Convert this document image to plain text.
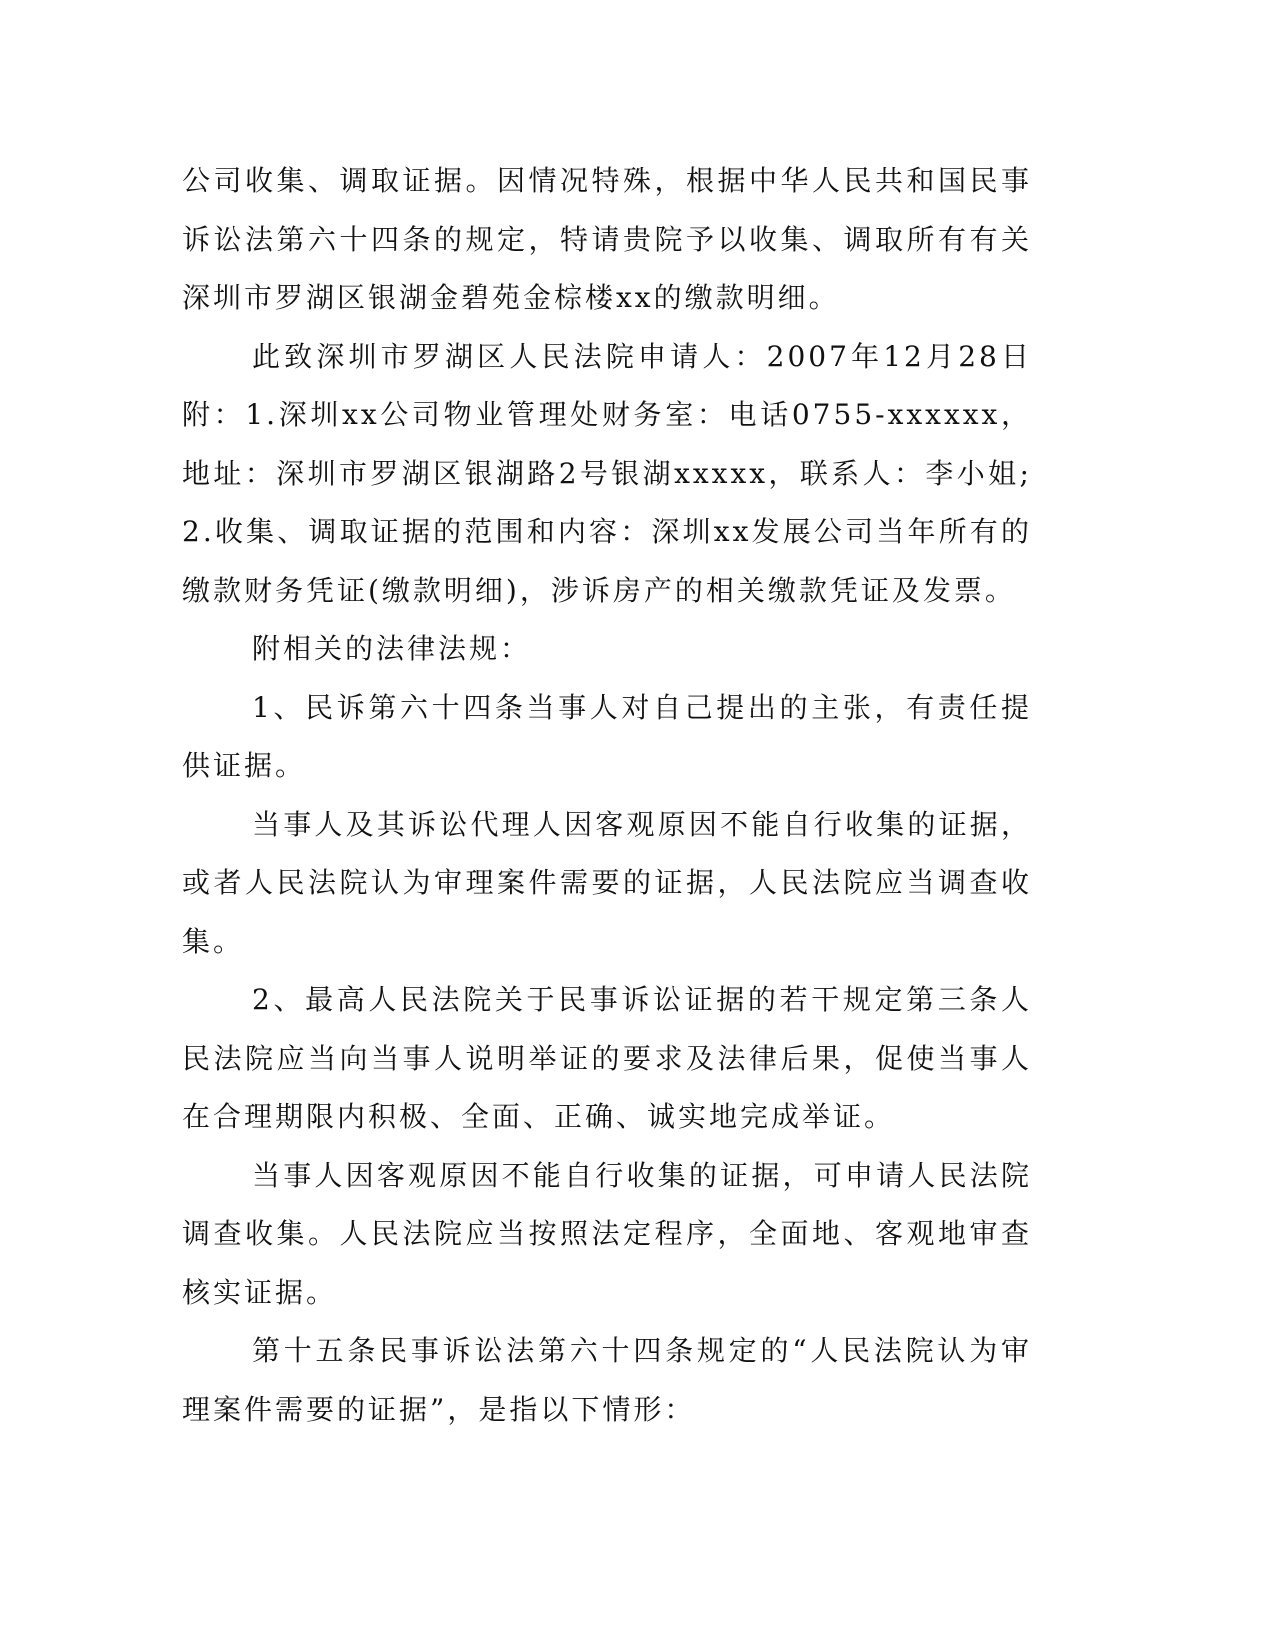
公司收集、调取证据。因情况特殊，根据中华人民共和国民事诉讼法第六十四条的规定，特请贵院予以收集、调取所有有关深圳市罗湖区银湖金碧苑金棕楼xx的缴款明细。

此致深圳市罗湖区人民法院申请人：2007年12月28日附：1.深圳xx公司物业管理处财务室：电话0755-xxxxxx，地址：深圳市罗湖区银湖路2号银湖xxxxx，联系人：李小姐;2.收集、调取证据的范围和内容：深圳xx发展公司当年所有的缴款财务凭证(缴款明细)，涉诉房产的相关缴款凭证及发票。

附相关的法律法规：

1、民诉第六十四条当事人对自己提出的主张，有责任提供证据。

当事人及其诉讼代理人因客观原因不能自行收集的证据，或者人民法院认为审理案件需要的证据，人民法院应当调查收集。

2、最高人民法院关于民事诉讼证据的若干规定第三条人民法院应当向当事人说明举证的要求及法律后果，促使当事人在合理期限内积极、全面、正确、诚实地完成举证。

当事人因客观原因不能自行收集的证据，可申请人民法院调查收集。人民法院应当按照法定程序，全面地、客观地审查核实证据。

第十五条民事诉讼法第六十四条规定的“人民法院认为审理案件需要的证据”，是指以下情形：
